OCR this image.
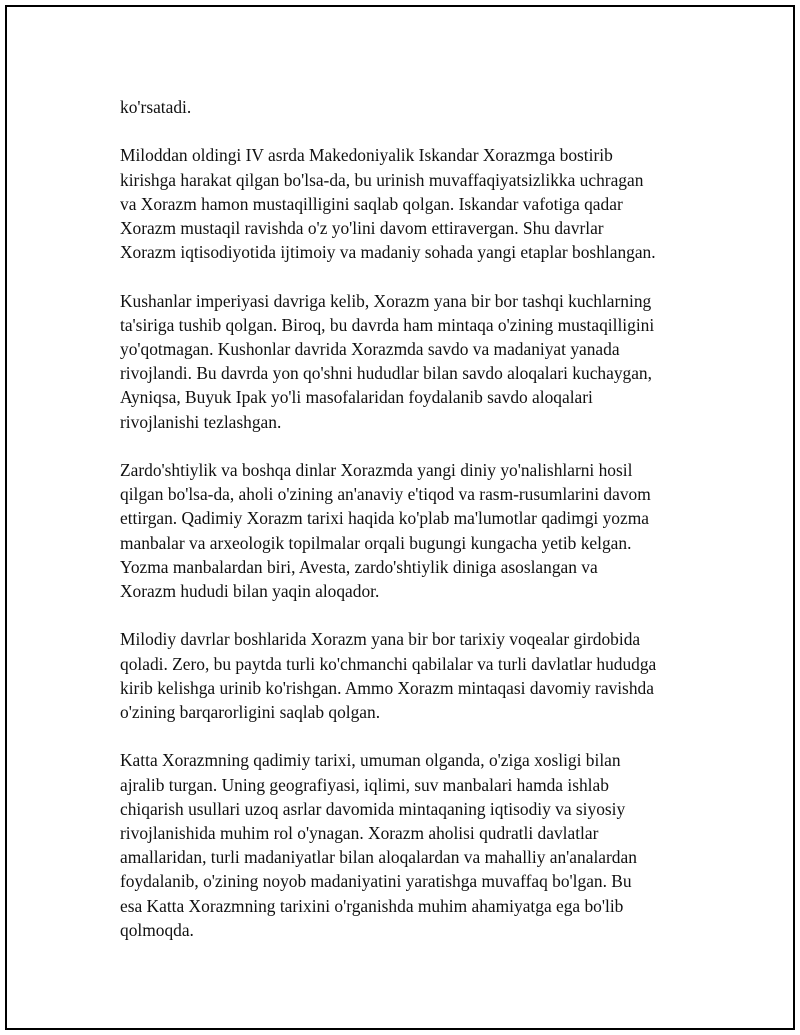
ko'rsatadi.

Miloddan oldingi IV asrda Makedoniyalik Iskandar Xorazmga bostirib
kirishga harakat qilgan bo'lsa-da, bu urinish muvaffaqiyatsizlikka uchragan
va Xorazm hamon mustaqilligini saqlab qolgan. Iskandar vafotiga qadar
Xorazm mustaqil ravishda o'z yo'lini davom ettiravergan. Shu davrlar
Xorazm iqtisodiyotida ijtimoiy va madaniy sohada yangi etaplar boshlangan.

Kushanlar imperiyasi davriga kelib, Xorazm yana bir bor tashqi kuchlarning
ta'siriga tushib qolgan. Biroq, bu davrda ham mintaqa o'zining mustaqilligini
yo'qotmagan. Kushonlar davrida Xorazmda savdo va madaniyat yanada
rivojlandi. Bu davrda yon qo'shni hududlar bilan savdo aloqalari kuchaygan,
Ayniqsa, Buyuk Ipak yo'li masofalaridan foydalanib savdo aloqalari
rivojlanishi tezlashgan.

Zardo'shtiylik va boshqa dinlar Xorazmda yangi diniy yo'nalishlarni hosil
qilgan bo'lsa-da, aholi o'zining an'anaviy e'tiqod va rasm-rusumlarini davom
ettirgan. Qadimiy Xorazm tarixi haqida ko'plab ma'lumotlar qadimgi yozma
manbalar va arxeologik topilmalar orqali bugungi kungacha yetib kelgan.
Yozma manbalardan biri, Avesta, zardo'shtiylik diniga asoslangan va
Xorazm hududi bilan yaqin aloqador.

Milodiy davrlar boshlarida Xorazm yana bir bor tarixiy voqealar girdobida
qoladi. Zero, bu paytda turli ko'chmanchi qabilalar va turli davlatlar hududga
kirib kelishga urinib ko'rishgan. Ammo Xorazm mintaqasi davomiy ravishda
o'zining barqarorligini saqlab qolgan.

Katta Xorazmning qadimiy tarixi, umuman olganda, o'ziga xosligi bilan
ajralib turgan. Uning geografiyasi, iqlimi, suv manbalari hamda ishlab
chiqarish usullari uzoq asrlar davomida mintaqaning iqtisodiy va siyosiy
rivojlanishida muhim rol o'ynagan. Xorazm aholisi qudratli davlatlar
amallaridan, turli madaniyatlar bilan aloqalardan va mahalliy an'analardan
foydalanib, o'zining noyob madaniyatini yaratishga muvaffaq bo'lgan. Bu
esa Katta Xorazmning tarixini o'rganishda muhim ahamiyatga ega bo'lib
qolmoqda.
